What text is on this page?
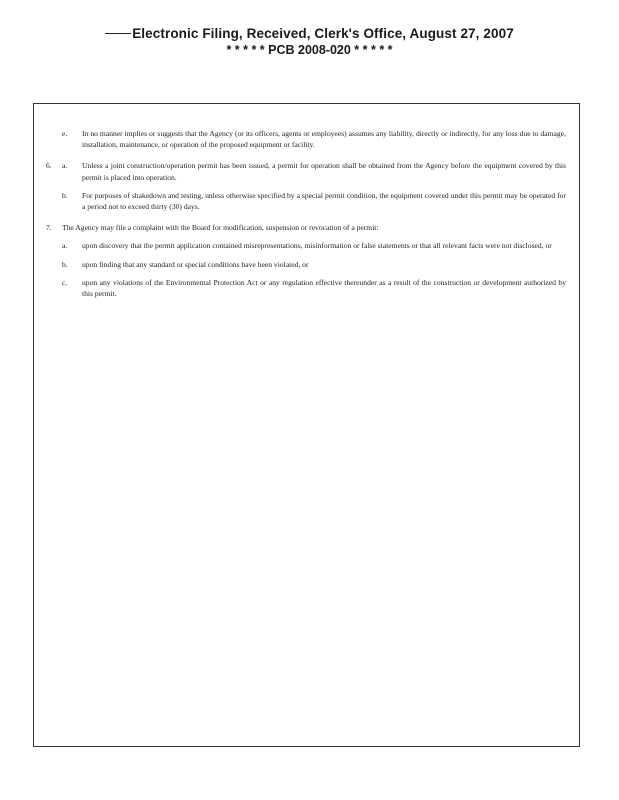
Electronic Filing, Received, Clerk's Office, August 27, 2007
* * * * * PCB 2008-020 * * * * *
e.	In no manner implies or suggests that the Agency (or its officers, agents or employees) assumes any liability, directly or indirectly, for any loss due to damage, installation, maintenance, or operation of the proposed equipment or facility.
6.	a.	Unless a joint construction/operation permit has been issued, a permit for operation shall be obtained from the Agency before the equipment covered by this permit is placed into operation.
b.	For purposes of shakedown and testing, unless otherwise specified by a special permit condition, the equipment covered under this permit may be operated for a period not to exceed thirty (30) days.
7.	The Agency may file a complaint with the Board for modification, suspension or revocation of a permit:
a.	upon discovery that the permit application contained misrepresentations, misinformation or false statements or that all relevant facts were not disclosed, or
b.	upon finding that any standard or special conditions have been violated, or
c.	upon any violations of the Environmental Protection Act or any regulation effective thereunder as a result of the construction or development authorized by this permit.
